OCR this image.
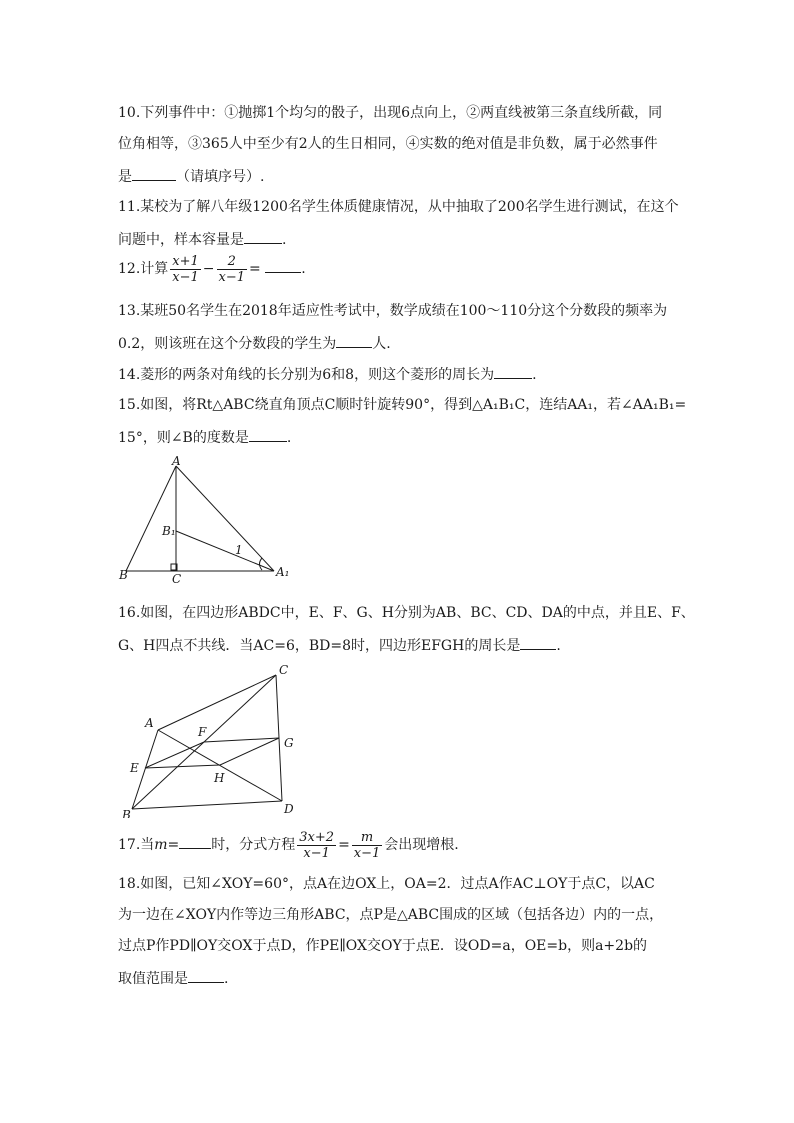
10.下列事件中：①抛掷1个均匀的骰子，出现6点向上，②两直线被第三条直线所截，同
位角相等，③365人中至少有2人的生日相同，④实数的绝对值是非负数，属于必然事件
是	（请填序号）.
11.某校为了解八年级1200名学生体质健康情况，从中抽取了200名学生进行测试，在这个
问题中，样本容量是	.
12.计算 $\frac{x+1}{x-1} - \frac{2}{x-1}$ =	.
13.某班50名学生在2018年适应性考试中，数学成绩在100～110分这个分数段的频率为
0.2，则该班在这个分数段的学生为	人.
14.菱形的两条对角线的长分别为6和8，则这个菱形的周长为	.
15.如图，将Rt△ABC绕直角顶点C顺时针旋转90°，得到△A₁B₁C，连结AA₁，若∠AA₁B₁=
15°，则∠B的度数是	.
A
B	C
B₁
A₁
1
16.如图，在四边形ABDC中，E、F、G、H分别为AB、BC、CD、DA的中点，并且E、F、
G、H四点不共线．当AC=6，BD=8时，四边形EFGH的周长是	.
A
B
C
D
E
F
G
H
17.当m= 时，分式方程 $\frac{3x+2}{x-1} = \frac{m}{x-1}$ 会出现增根.
18.如图，已知∠XOY=60°，点A在边OX上，OA=2．过点A作AC⊥OY于点C，以AC
为一边在∠XOY内作等边三角形ABC，点P是△ABC围成的区域（包括各边）内的一点，
过点P作PD∥OY交OX于点D，作PE∥OX交OY于点E．设OD=a，OE=b，则a+2b的
取值范围是	.
